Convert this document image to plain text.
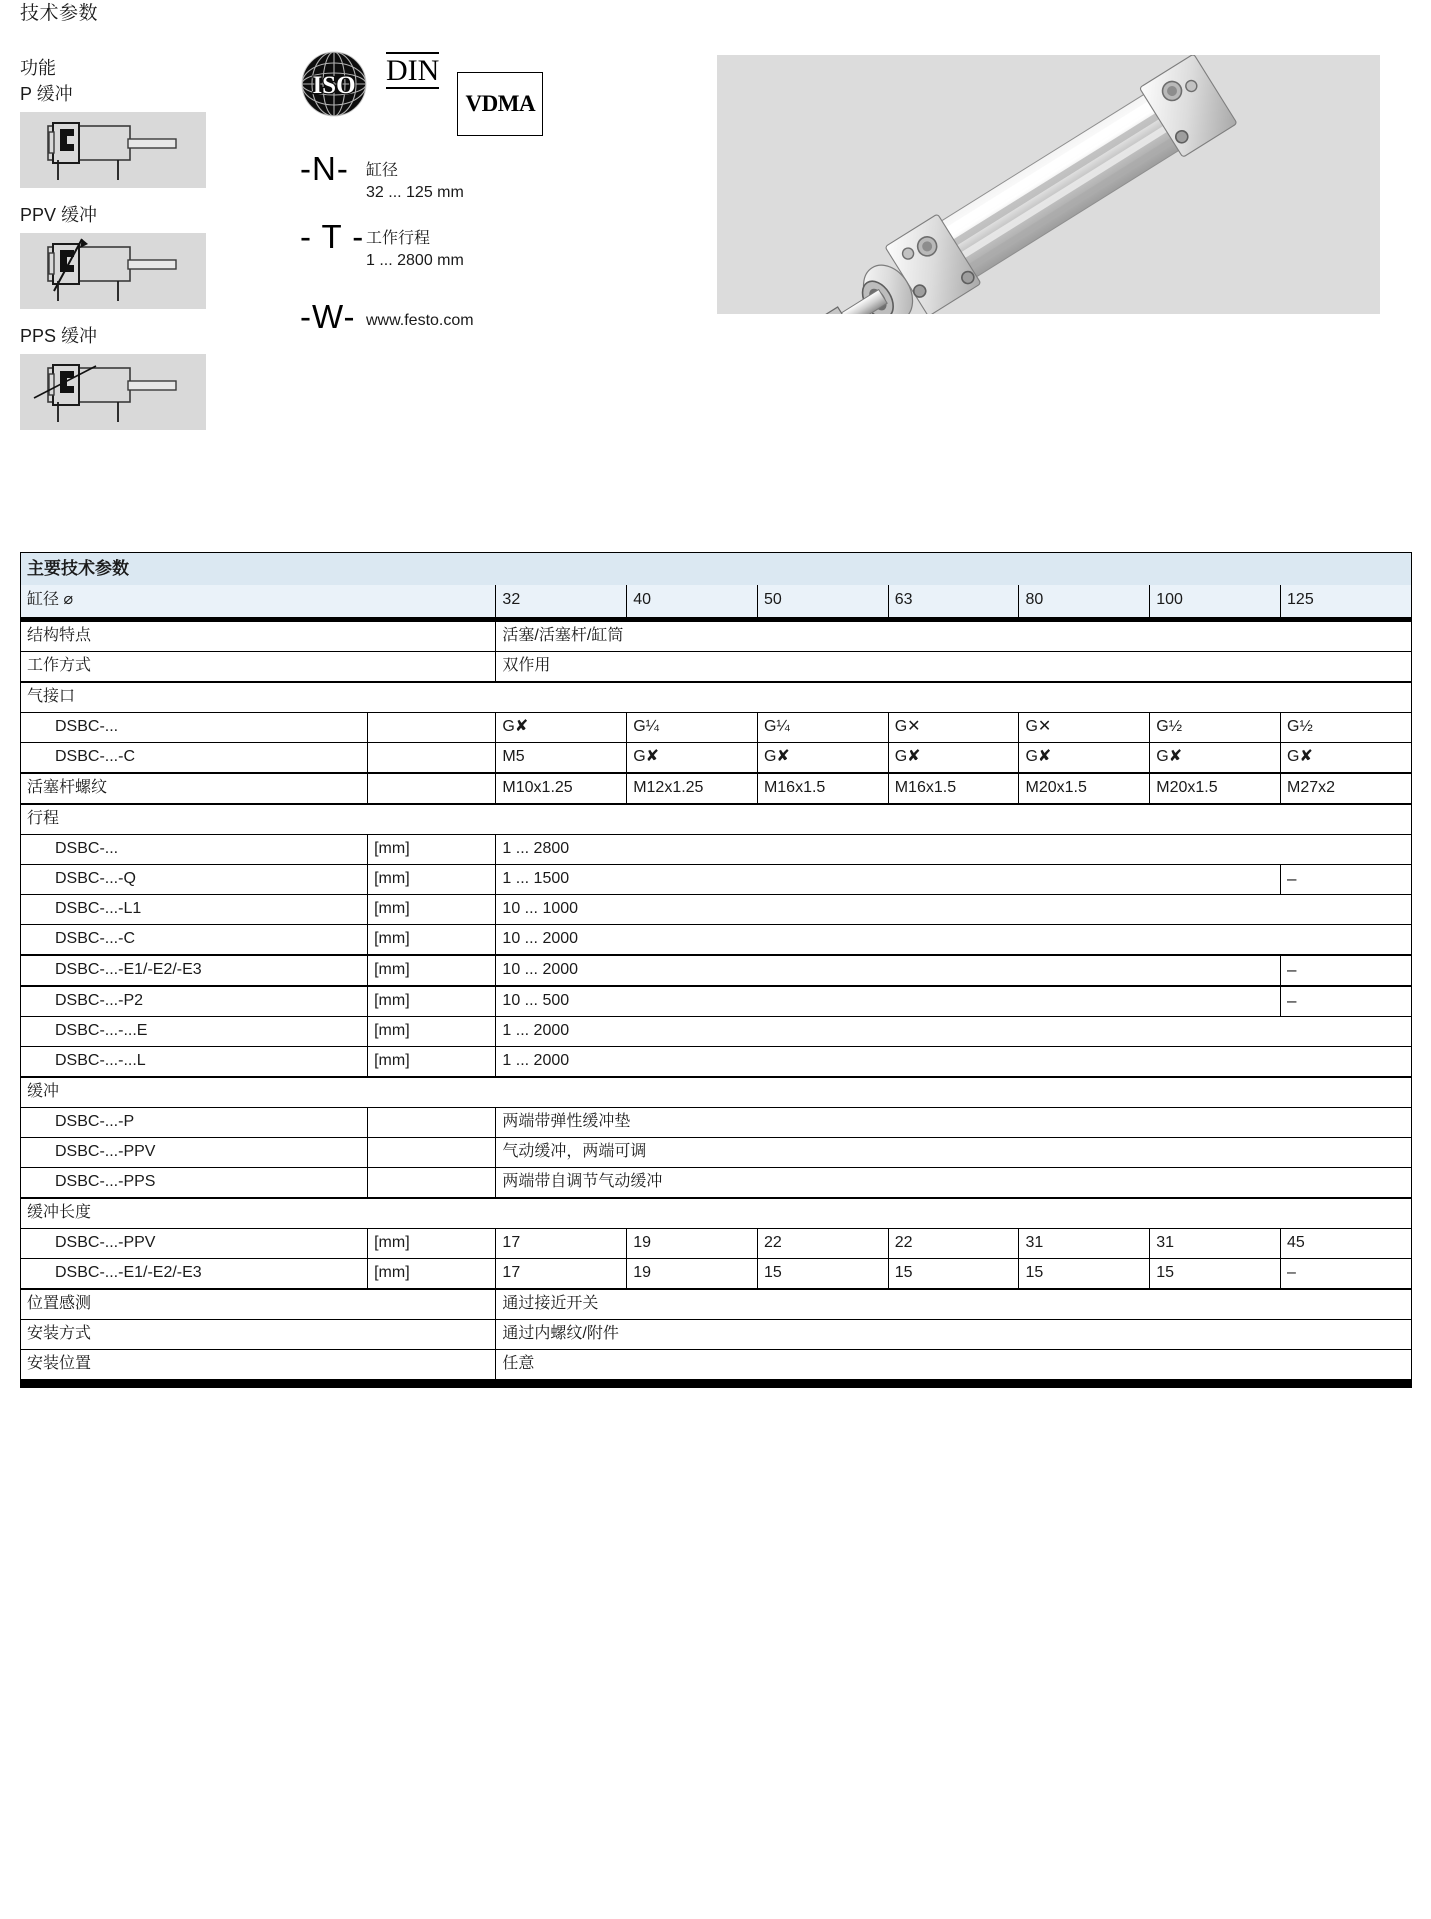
技术参数
功能
P 缓冲
PPV 缓冲
PPS 缓冲
ISO DIN
VDMA
-N-	缸径
32 ... 125 mm
- T - 工作行程
1 ... 2800 mm
-W- www.festo.com
主要技术参数								
缸径 ⌀		32	40	50	63	80	100	125
结构特点		活塞/活塞杆/缸筒						
工作方式		双作用						
气接口								
DSBC-...		G✘	G¼	G¼	G✕	G✕	G½	G½
DSBC-...-C		M5	G✘	G✘	G✘	G✘	G✘	G✘
活塞杆螺纹		M10x1.25	M12x1.25	M16x1.5	M16x1.5	M20x1.5	M20x1.5	M27x2
行程								
DSBC-...	[mm]	1 ... 2800						
DSBC-...-Q	[mm]	1 ... 1500						–
DSBC-...-L1	[mm]	10 ... 1000						
DSBC-...-C	[mm]	10 ... 2000						
DSBC-...-E1/-E2/-E3	[mm]	10 ... 2000						–
DSBC-...-P2	[mm]	10 ... 500						–
DSBC-...-...E	[mm]	1 ... 2000						
DSBC-...-...L	[mm]	1 ... 2000						
缓冲								
DSBC-...-P		两端带弹性缓冲垫						
DSBC-...-PPV		气动缓冲，两端可调						
DSBC-...-PPS		两端带自调节气动缓冲						
缓冲长度								
DSBC-...-PPV	[mm]	17	19	22	22	31	31	45
DSBC-...-E1/-E2/-E3	[mm]	17	19	15	15	15	15	–
位置感测		通过接近开关						
安装方式		通过内螺纹/附件						
安装位置		任意						
